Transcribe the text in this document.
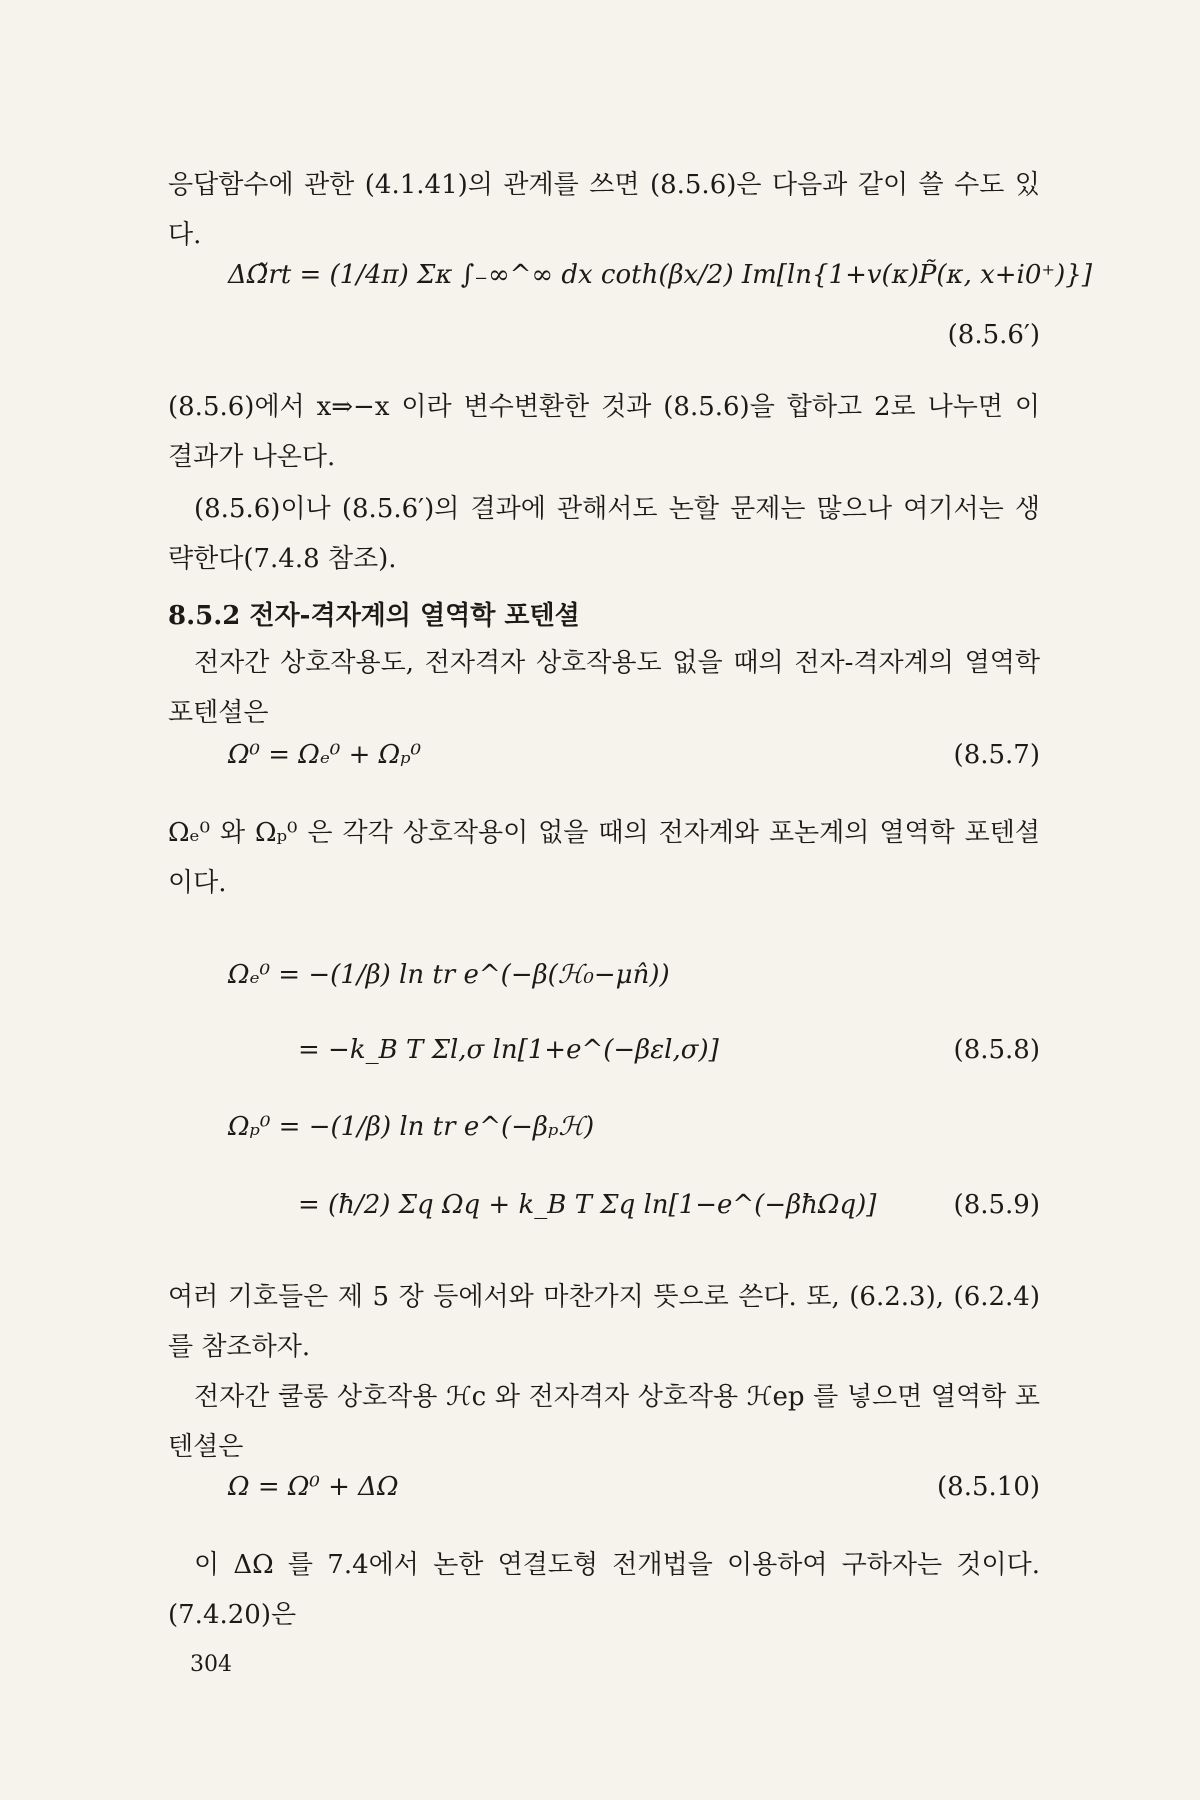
응답함수에 관한 (4.1.41)의 관계를 쓰면 (8.5.6)은 다음과 같이 쓸 수도 있다.

ΔΩ̃rt = (1/4π) Σκ ∫₋∞^∞ dx coth(βx/2) Im[ln{1+v(κ)P̃(κ, x+i0⁺)}]
(8.5.6′)

(8.5.6)에서 x⇒−x 이라 변수변환한 것과 (8.5.6)을 합하고 2로 나누면 이 결과가 나온다.

(8.5.6)이나 (8.5.6′)의 결과에 관해서도 논할 문제는 많으나 여기서는 생략한다(7.4.8 참조).

8.5.2 전자-격자계의 열역학 포텐셜

전자간 상호작용도, 전자격자 상호작용도 없을 때의 전자-격자계의 열역학 포텐셜은

Ω⁰ = Ωₑ⁰ + Ωₚ⁰	(8.5.7)

Ωₑ⁰ 와 Ωₚ⁰ 은 각각 상호작용이 없을 때의 전자계와 포논계의 열역학 포텐셜이다.

Ωₑ⁰ = −(1/β) ln tr e^(−β(ℋ₀−μn̂))
= −k_B T Σl,σ ln[1+e^(−βεl,σ)]	(8.5.8)
Ωₚ⁰ = −(1/β) ln tr e^(−βₚℋ)
= (ħ/2) Σq Ωq + k_B T Σq ln[1−e^(−βħΩq)]	(8.5.9)

여러 기호들은 제 5 장 등에서와 마찬가지 뜻으로 쓴다. 또, (6.2.3), (6.2.4)를 참조하자.

전자간 쿨롱 상호작용 ℋc 와 전자격자 상호작용 ℋep 를 넣으면 열역학 포텐셜은

Ω = Ω⁰ + ΔΩ	(8.5.10)

이 ΔΩ 를 7.4에서 논한 연결도형 전개법을 이용하여 구하자는 것이다. (7.4.20)은

304
